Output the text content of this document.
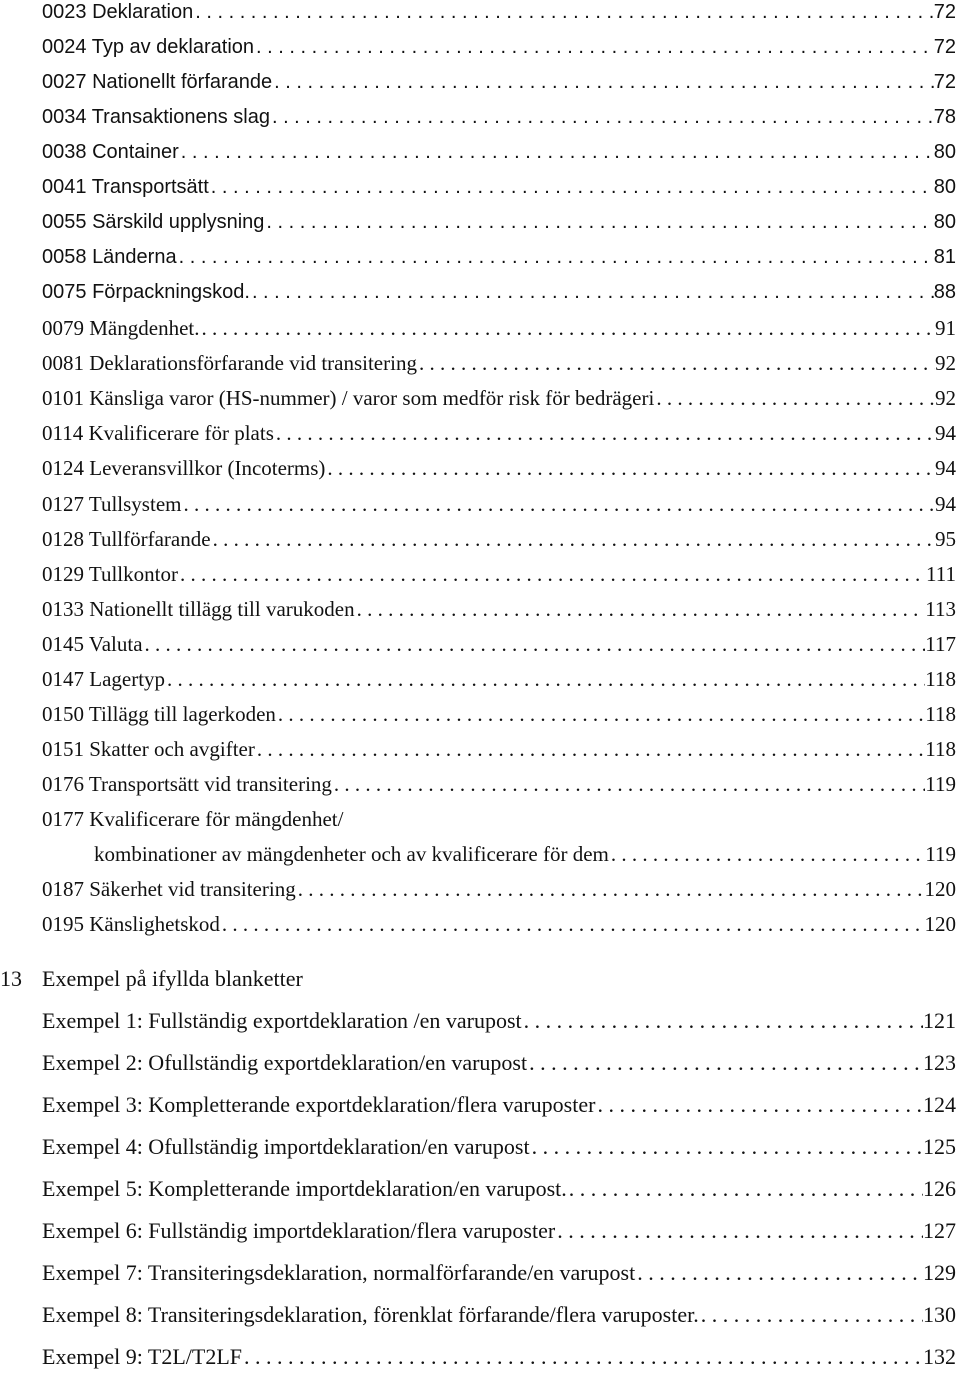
0023 Deklaration . . .	72
0024 Typ av deklaration . . .	72
0027 Nationellt förfarande . . .	72
0034 Transaktionens slag . . .	78
0038 Container . . .	80
0041 Transportsätt . . .	80
0055 Särskild upplysning . . .	80
0058 Länderna . . .	81
0075 Förpackningskod. . . .	88
0079 Mängdenhet. . . .	91
0081 Deklarationsförfarande vid transitering . . .	92
0101 Känsliga varor (HS-nummer) / varor som medför risk för bedrägeri . . .	92
0114 Kvalificerare för plats . . .	94
0124 Leveransvillkor (Incoterms) . . .	94
0127 Tullsystem . . .	94
0128 Tullförfarande . . .	95
0129 Tullkontor . . .	111
0133 Nationellt tillägg till varukoden . . .	113
0145 Valuta . . .	117
0147 Lagertyp . . .	118
0150 Tillägg till lagerkoden . . .	118
0151 Skatter och avgifter . . .	118
0176 Transportsätt vid transitering . . .	119
0177 Kvalificerare för mängdenhet/
kombinationer av mängdenheter och av kvalificerare för dem . . .	119
0187 Säkerhet vid transitering . . .	120
0195 Känslighetskod . . .	120
13 Exempel på ifyllda blanketter
Exempel 1: Fullständig exportdeklaration /en varupost . . .	121
Exempel 2: Ofullständig exportdeklaration/en varupost . . .	123
Exempel 3: Kompletterande exportdeklaration/flera varuposter . . .	124
Exempel 4: Ofullständig importdeklaration/en varupost . . .	125
Exempel 5: Kompletterande importdeklaration/en varupost. . . .	126
Exempel 6: Fullständig importdeklaration/flera varuposter . . .	127
Exempel 7: Transiteringsdeklaration, normalförfarande/en varupost . . .	129
Exempel 8: Transiteringsdeklaration, förenklat förfarande/flera varuposter. . . .	130
Exempel 9: T2L/T2LF . . .	132
